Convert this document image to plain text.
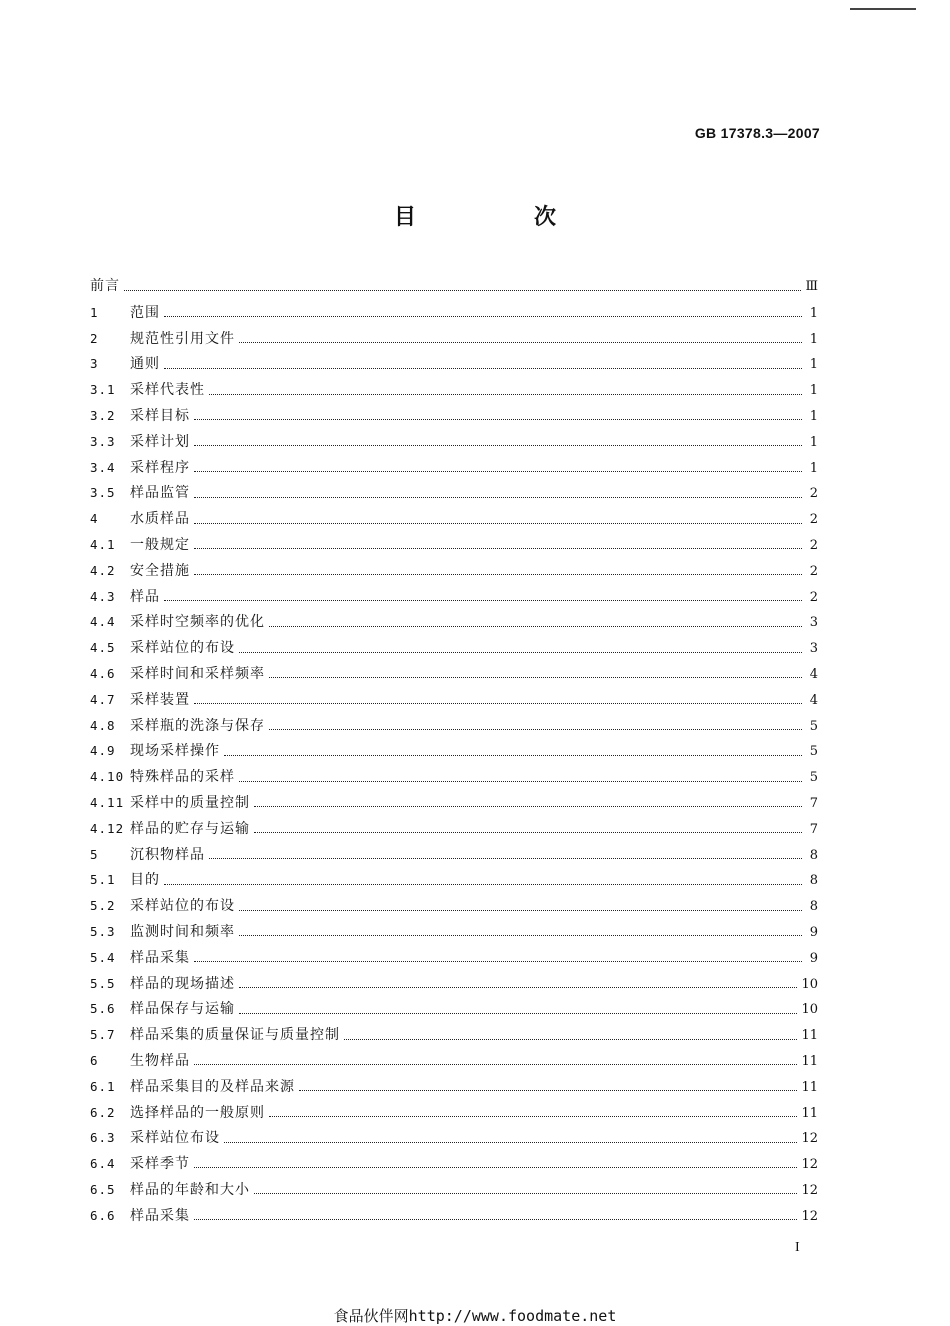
GB 17378.3—2007
目　次
前言	Ⅲ
1	范围	1
2	规范性引用文件	1
3	通则	1
3.1	采样代表性	1
3.2	采样目标	1
3.3	采样计划	1
3.4	采样程序	1
3.5	样品监管	2
4	水质样品	2
4.1	一般规定	2
4.2	安全措施	2
4.3	样品	2
4.4	采样时空频率的优化	3
4.5	采样站位的布设	3
4.6	采样时间和采样频率	4
4.7	采样装置	4
4.8	采样瓶的洗涤与保存	5
4.9	现场采样操作	5
4.10 特殊样品的采样	5
4.11 采样中的质量控制	7
4.12 样品的贮存与运输	7
5	沉积物样品	8
5.1	目的	8
5.2	采样站位的布设	8
5.3	监测时间和频率	9
5.4	样品采集	9
5.5	样品的现场描述	10
5.6	样品保存与运输	10
5.7	样品采集的质量保证与质量控制	11
6	生物样品	11
6.1	样品采集目的及样品来源	11
6.2	选择样品的一般原则	11
6.3	采样站位布设	12
6.4	采样季节	12
6.5	样品的年龄和大小	12
6.6	样品采集	12
I
食品伙伴网http://www.foodmate.net
